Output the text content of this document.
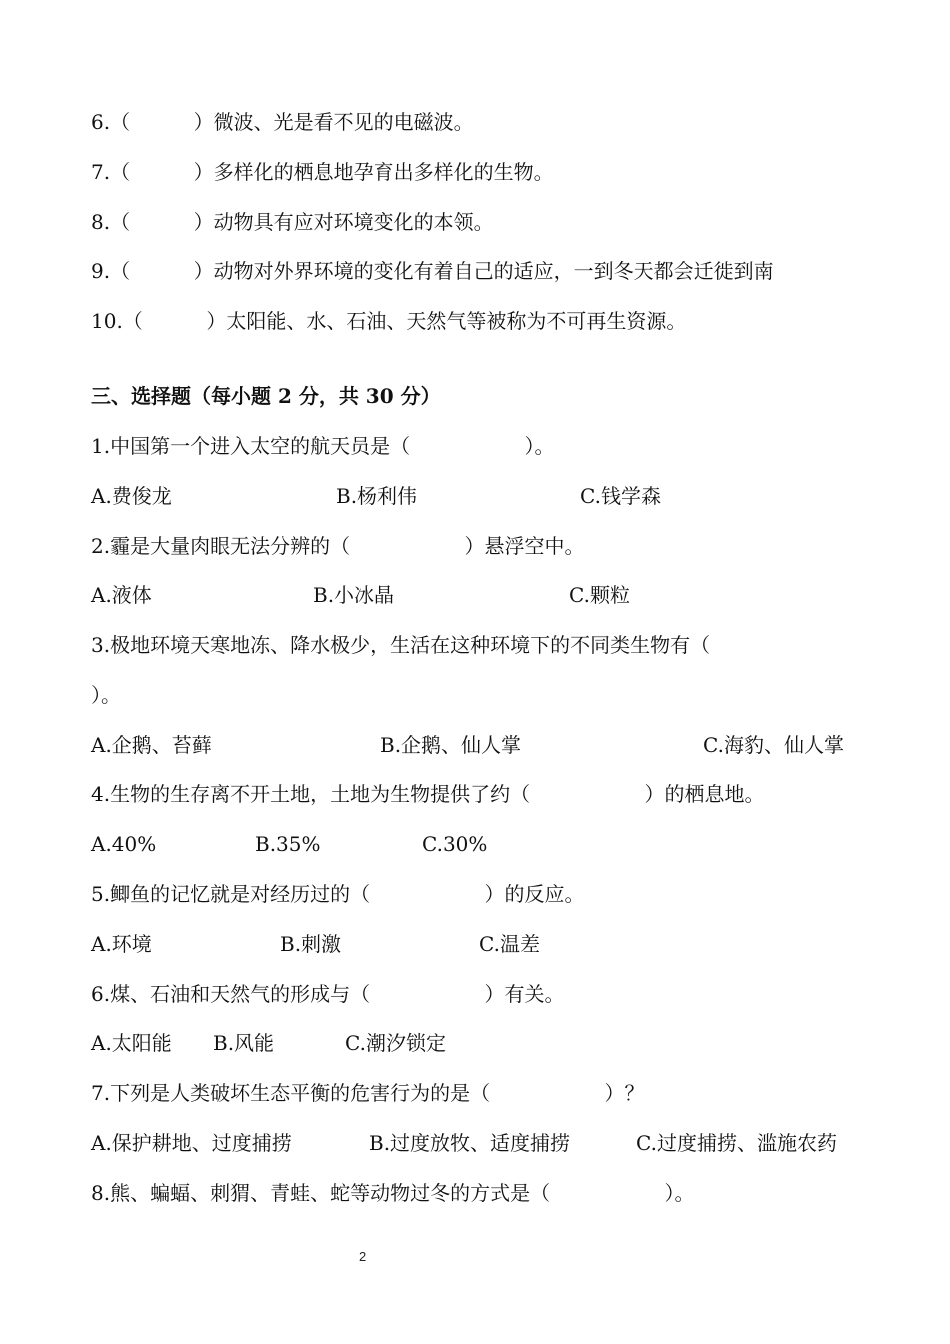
6.（          ）微波、光是看不见的电磁波。
7.（          ）多样化的栖息地孕育出多样化的生物。
8.（          ）动物具有应对环境变化的本领。
9.（          ）动物对外界环境的变化有着自己的适应，一到冬天都会迁徙到南
10.（          ）太阳能、水、石油、天然气等被称为不可再生资源。
三、选择题（每小题 2 分，共 30 分）
1.中国第一个进入太空的航天员是（                  ）。
A.费俊龙	B.杨利伟	C.钱学森
2.霾是大量肉眼无法分辨的（                  ）悬浮空中。
A.液体	B.小冰晶	C.颗粒
3.极地环境天寒地冻、降水极少，生活在这种环境下的不同类生物有（
）。
A.企鹅、苔藓	B.企鹅、仙人掌	C.海豹、仙人掌
4.生物的生存离不开土地，土地为生物提供了约（                  ）的栖息地。
A.40%	B.35%	C.30%
5.鲫鱼的记忆就是对经历过的（                  ）的反应。
A.环境	B.刺激	C.温差
6.煤、石油和天然气的形成与（                  ）有关。
A.太阳能 B.风能	C.潮汐锁定
7.下列是人类破坏生态平衡的危害行为的是（                  ）？
A.保护耕地、过度捕捞	B.过度放牧、适度捕捞	C.过度捕捞、滥施农药
8.熊、蝙蝠、刺猬、青蛙、蛇等动物过冬的方式是（                  ）。
2
